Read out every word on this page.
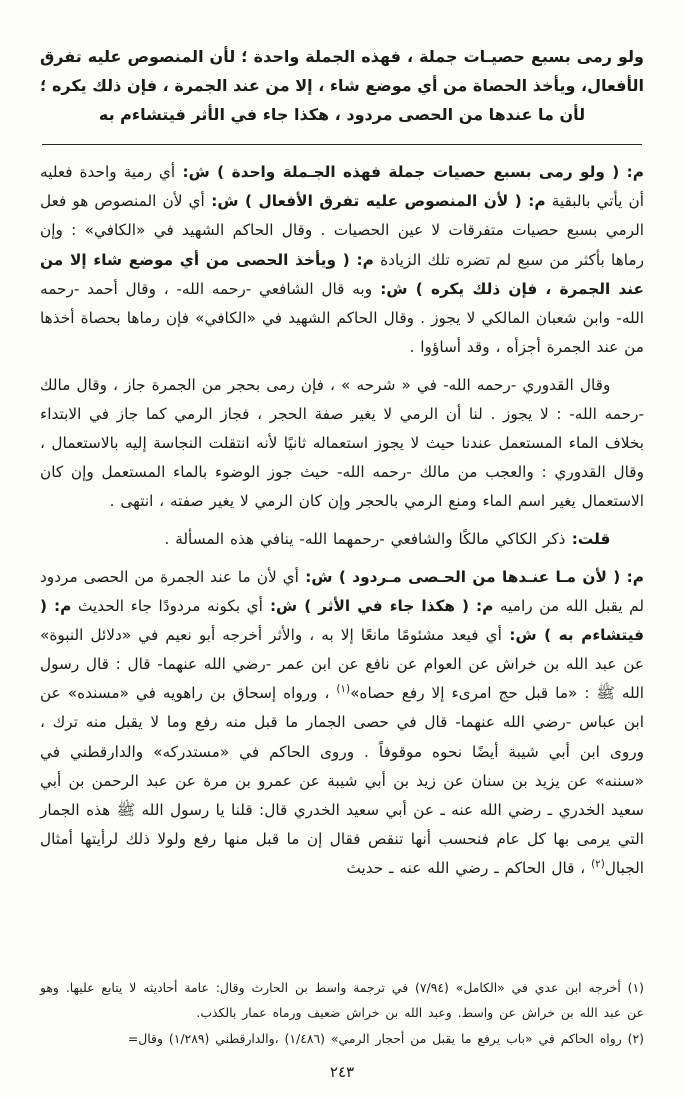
ولو رمى بسبع حصيـات جملة ، فهذه الجملة واحدة ؛ لأن المنصوص عليه تفرق الأفعال، ويأخذ الحصاة من أي موضع شاء ، إلا من عند الجمرة ، فإن ذلك يكره ؛ لأن ما عندها من الحصى مردود ، هكذا جاء في الأثر فيتشاءم به

م: ( ولو رمى بسبع حصيات جملة فهذه الجـملة واحدة ) ش: أي رمية واحدة فعليه أن يأتي بالبقية م: ( لأن المنصوص عليه تفرق الأفعال ) ش: أي لأن المنصوص هو فعل الرمي بسبع حصيات متفرقات لا عين الحصيات . وقال الحاكم الشهيد في «الكافي» : وإن رماها بأكثر من سبع لم تضره تلك الزيادة م: ( ويأخذ الحصى من أي موضع شاء إلا من عند الجمرة ، فإن ذلك يكره ) ش: وبه قال الشافعي -رحمه الله- ، وقال أحمد -رحمه الله- وابن شعبان المالكي لا يجوز . وقال الحاكم الشهيد في «الكافي» فإن رماها بحصاة أخذها من عند الجمرة أجزأه ، وقد أساؤوا .

وقال القدوري -رحمه الله- في « شرحه » ، فإن رمى بحجر من الجمرة جاز ، وقال مالك -رحمه الله- : لا يجوز . لنا أن الرمي لا يغير صفة الحجر ، فجاز الرمي كما جاز في الابتداء بخلاف الماء المستعمل عندنا حيث لا يجوز استعماله ثانيًا لأنه انتقلت النجاسة إليه بالاستعمال ، وقال القدوري : والعجب من مالك -رحمه الله- حيث جوز الوضوء بالماء المستعمل وإن كان الاستعمال يغير اسم الماء ومنع الرمي بالحجر وإن كان الرمي لا يغير صفته ، انتهى .

قلت: ذكر الكاكي مالكًا والشافعي -رحمهما الله- ينافي هذه المسألة .

م: ( لأن مـا عنـدها من الحـصى مـردود ) ش: أي لأن ما عند الجمرة من الحصى مردود لم يقبل الله من راميه م: ( هكذا جاء في الأثر ) ش: أي بكونه مردودًا جاء الحديث م: ( فيتشاءم به ) ش: أي فيعد مشئومًا مانعًا إلا به ، والأثر أخرجه أبو نعيم في «دلائل النبوة» عن عبد الله بن خراش عن العوام عن نافع عن ابن عمر -رضي الله عنهما- قال : قال رسول الله ﷺ : «ما قبل حج امرىء إلا رفع حصاه»$^{(١)}$ ، ورواه إسحاق بن راهويه في «مسنده» عن ابن عباس -رضي الله عنهما- قال في حصى الجمار ما قبل منه رفع وما لا يقبل منه ترك ، وروى ابن أبي شيبة أيضًا نحوه موقوفاً . وروى الحاكم في «مستدركه» والدارقطني في «سننه» عن يزيد بن سنان عن زيد بن أبي شيبة عن عمرو بن مرة عن عبد الرحمن بن أبي سعيد الخدري ـ رضي الله عنه ـ عن أبي سعيد الخدري قال: قلنا يا رسول الله ﷺ هذه الجمار التي يرمى بها كل عام فنحسب أنها تنقص فقال إن ما قبل منها رفع ولولا ذلك لرأيتها أمثال الجبال$^{(٢)}$ ، قال الحاكم ـ رضي الله عنه ـ حديث

(١) أخرجه ابن عدي في «الكامل» (٧/٩٤) في ترجمة واسط بن الحارث وقال: عامة أحاديثه لا يتابع عليها. وهو عن عبد الله بن خراش عن واسط. وعبد الله بن خراش ضعيف ورماه عمار بالكذب.

(٢) رواه الحاكم في «باب يرفع ما يقبل من أحجار الرمي» (١/٤٨٦) ،والدارقطني (١/٢٨٩) وقال=

٢٤٣
